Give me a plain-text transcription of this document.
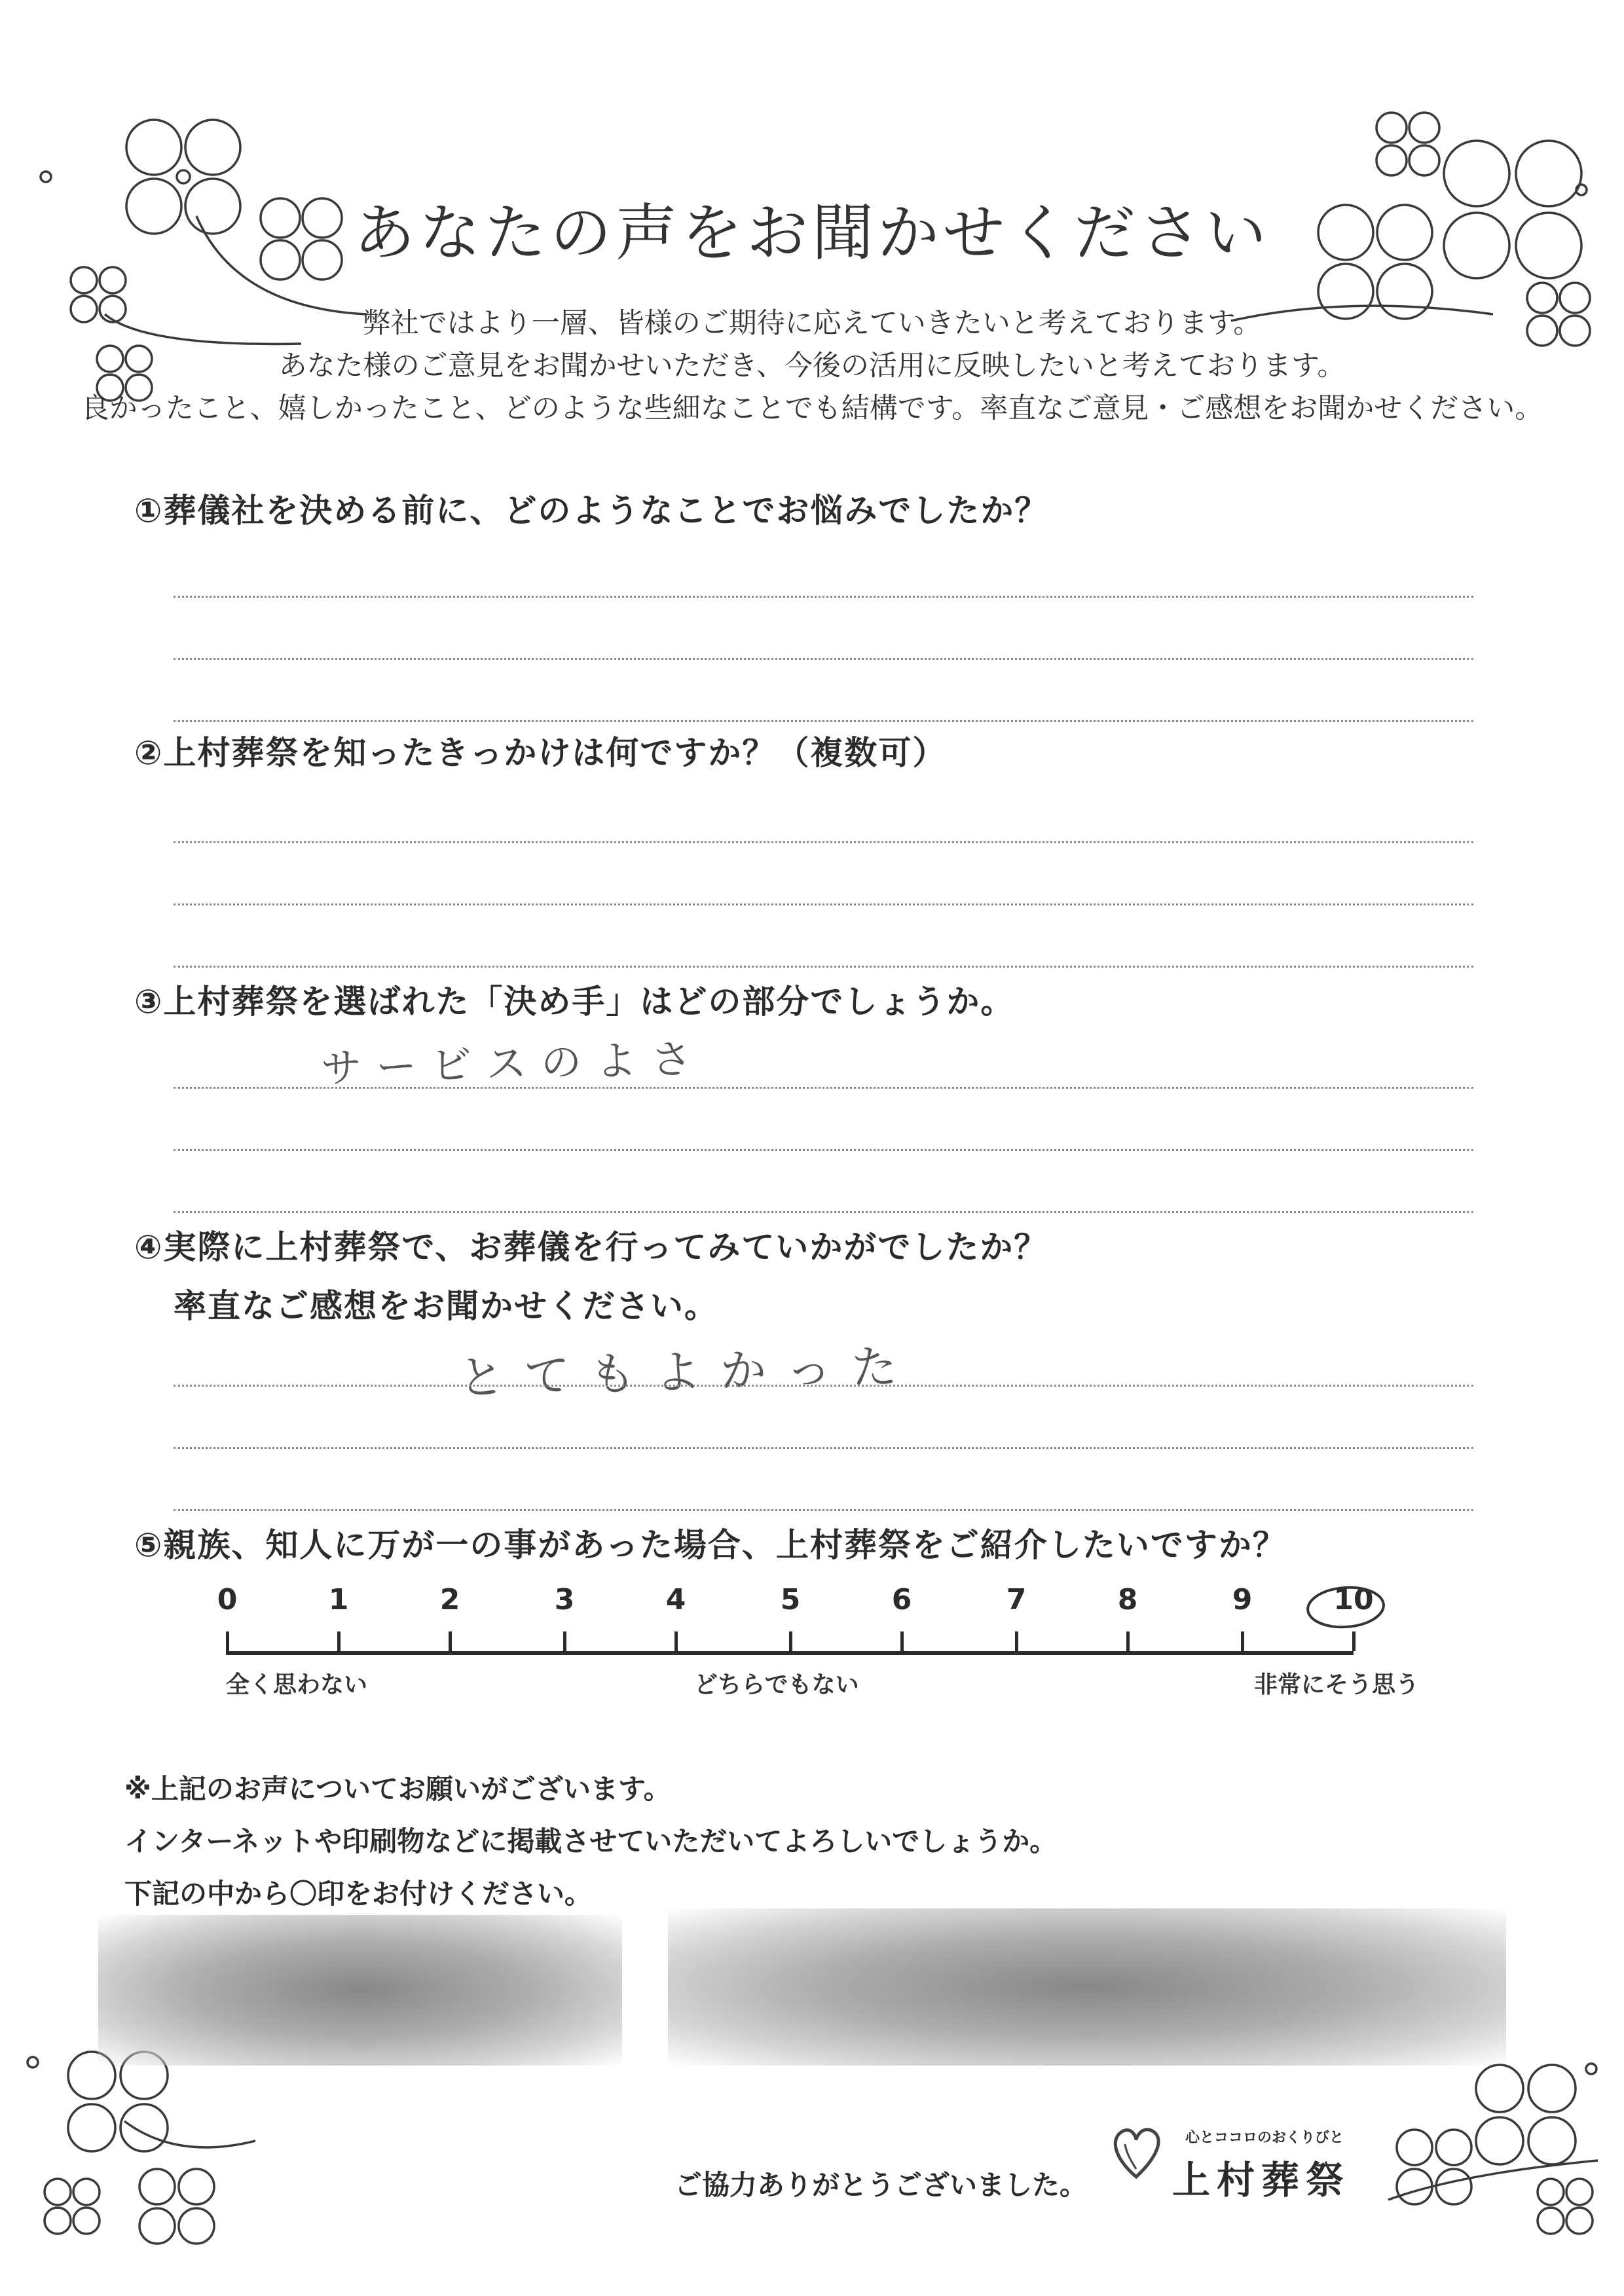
あなたの声をお聞かせください
弊社ではより一層、皆様のご期待に応えていきたいと考えております。
あなた様のご意見をお聞かせいただき、今後の活用に反映したいと考えております。
良かったこと、嬉しかったこと、どのような些細なことでも結構です。率直なご意見・ご感想をお聞かせください。
①葬儀社を決める前に、どのようなことでお悩みでしたか？
②上村葬祭を知ったきっかけは何ですか？（複数可）
③上村葬祭を選ばれた「決め手」はどの部分でしょうか。
サービスのよさ
④実際に上村葬祭で、お葬儀を行ってみていかがでしたか？
率直なご感想をお聞かせください。
とてもよかった
⑤親族、知人に万が一の事があった場合、上村葬祭をご紹介したいですか？
0	1	2	3	4	5	6	7	8	9	10
全く思わない	どちらでもない	非常にそう思う
※上記のお声についてお願いがございます。
インターネットや印刷物などに掲載させていただいてよろしいでしょうか。
下記の中から〇印をお付けください。
ご協力ありがとうございました。
心とココロのおくりびと
上村葬祭
